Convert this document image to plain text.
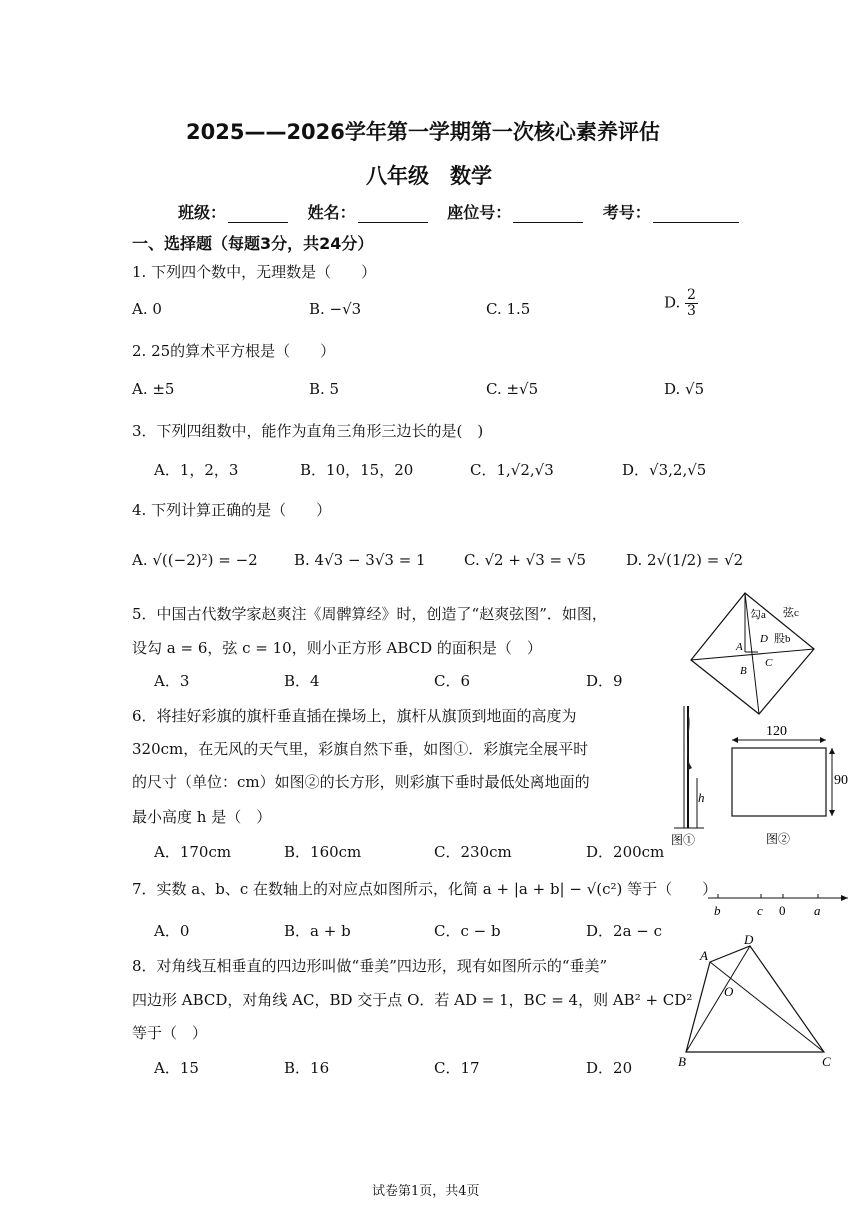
2025——2026学年第一学期第一次核心素养评估
八年级　数学
班级：	姓名：	座位号：	考号：
一、选择题（每题3分，共24分）
1. 下列四个数中，无理数是（　　）
A. 0	B. −√3	C. 1.5	D. $\frac{2}{3}$
2. 25的算术平方根是（　　）
A. ±5	B. 5	C. ±√5	D. √5
3．下列四组数中，能作为直角三角形三边长的是(　)
A．1，2，3	B．10，15，20	C．1,√2,√3	D．√3,2,√5
4. 下列计算正确的是（　　）
A. √((−2)²) = −2 B. 4√3 − 3√3 = 1	C. √2 + √3 = √5	D. 2√(1/2) = √2
5．中国古代数学家赵爽注《周髀算经》时，创造了“赵爽弦图”．如图，
设勾 a = 6，弦 c = 10，则小正方形 ABCD 的面积是（　）
A．3	B．4	C．6	D．9
勾a 弦c
股b
A
D
B
C
6．将挂好彩旗的旗杆垂直插在操场上，旗杆从旗顶到地面的高度为
320cm，在无风的天气里，彩旗自然下垂，如图①．彩旗完全展平时
的尺寸（单位：cm）如图②的长方形，则彩旗下垂时最低处离地面的
最小高度 h 是（　）
A．170cm	B．160cm	C．230cm	D．200cm
h
图①
120
90
图②
7．实数 a、b、c 在数轴上的对应点如图所示，化简 a + |a + b| − √(c²) 等于（　　）
A．0	B．a + b	C．c − b	D．2a − c
b	c 0 a
8．对角线互相垂直的四边形叫做“垂美”四边形，现有如图所示的“垂美”
四边形 ABCD，对角线 AC，BD 交于点 O．若 AD = 1，BC = 4，则 AB² + CD²
等于（　）
A．15	B．16	C．17	D．20
A
D
O
B	C
试卷第1页，共4页
